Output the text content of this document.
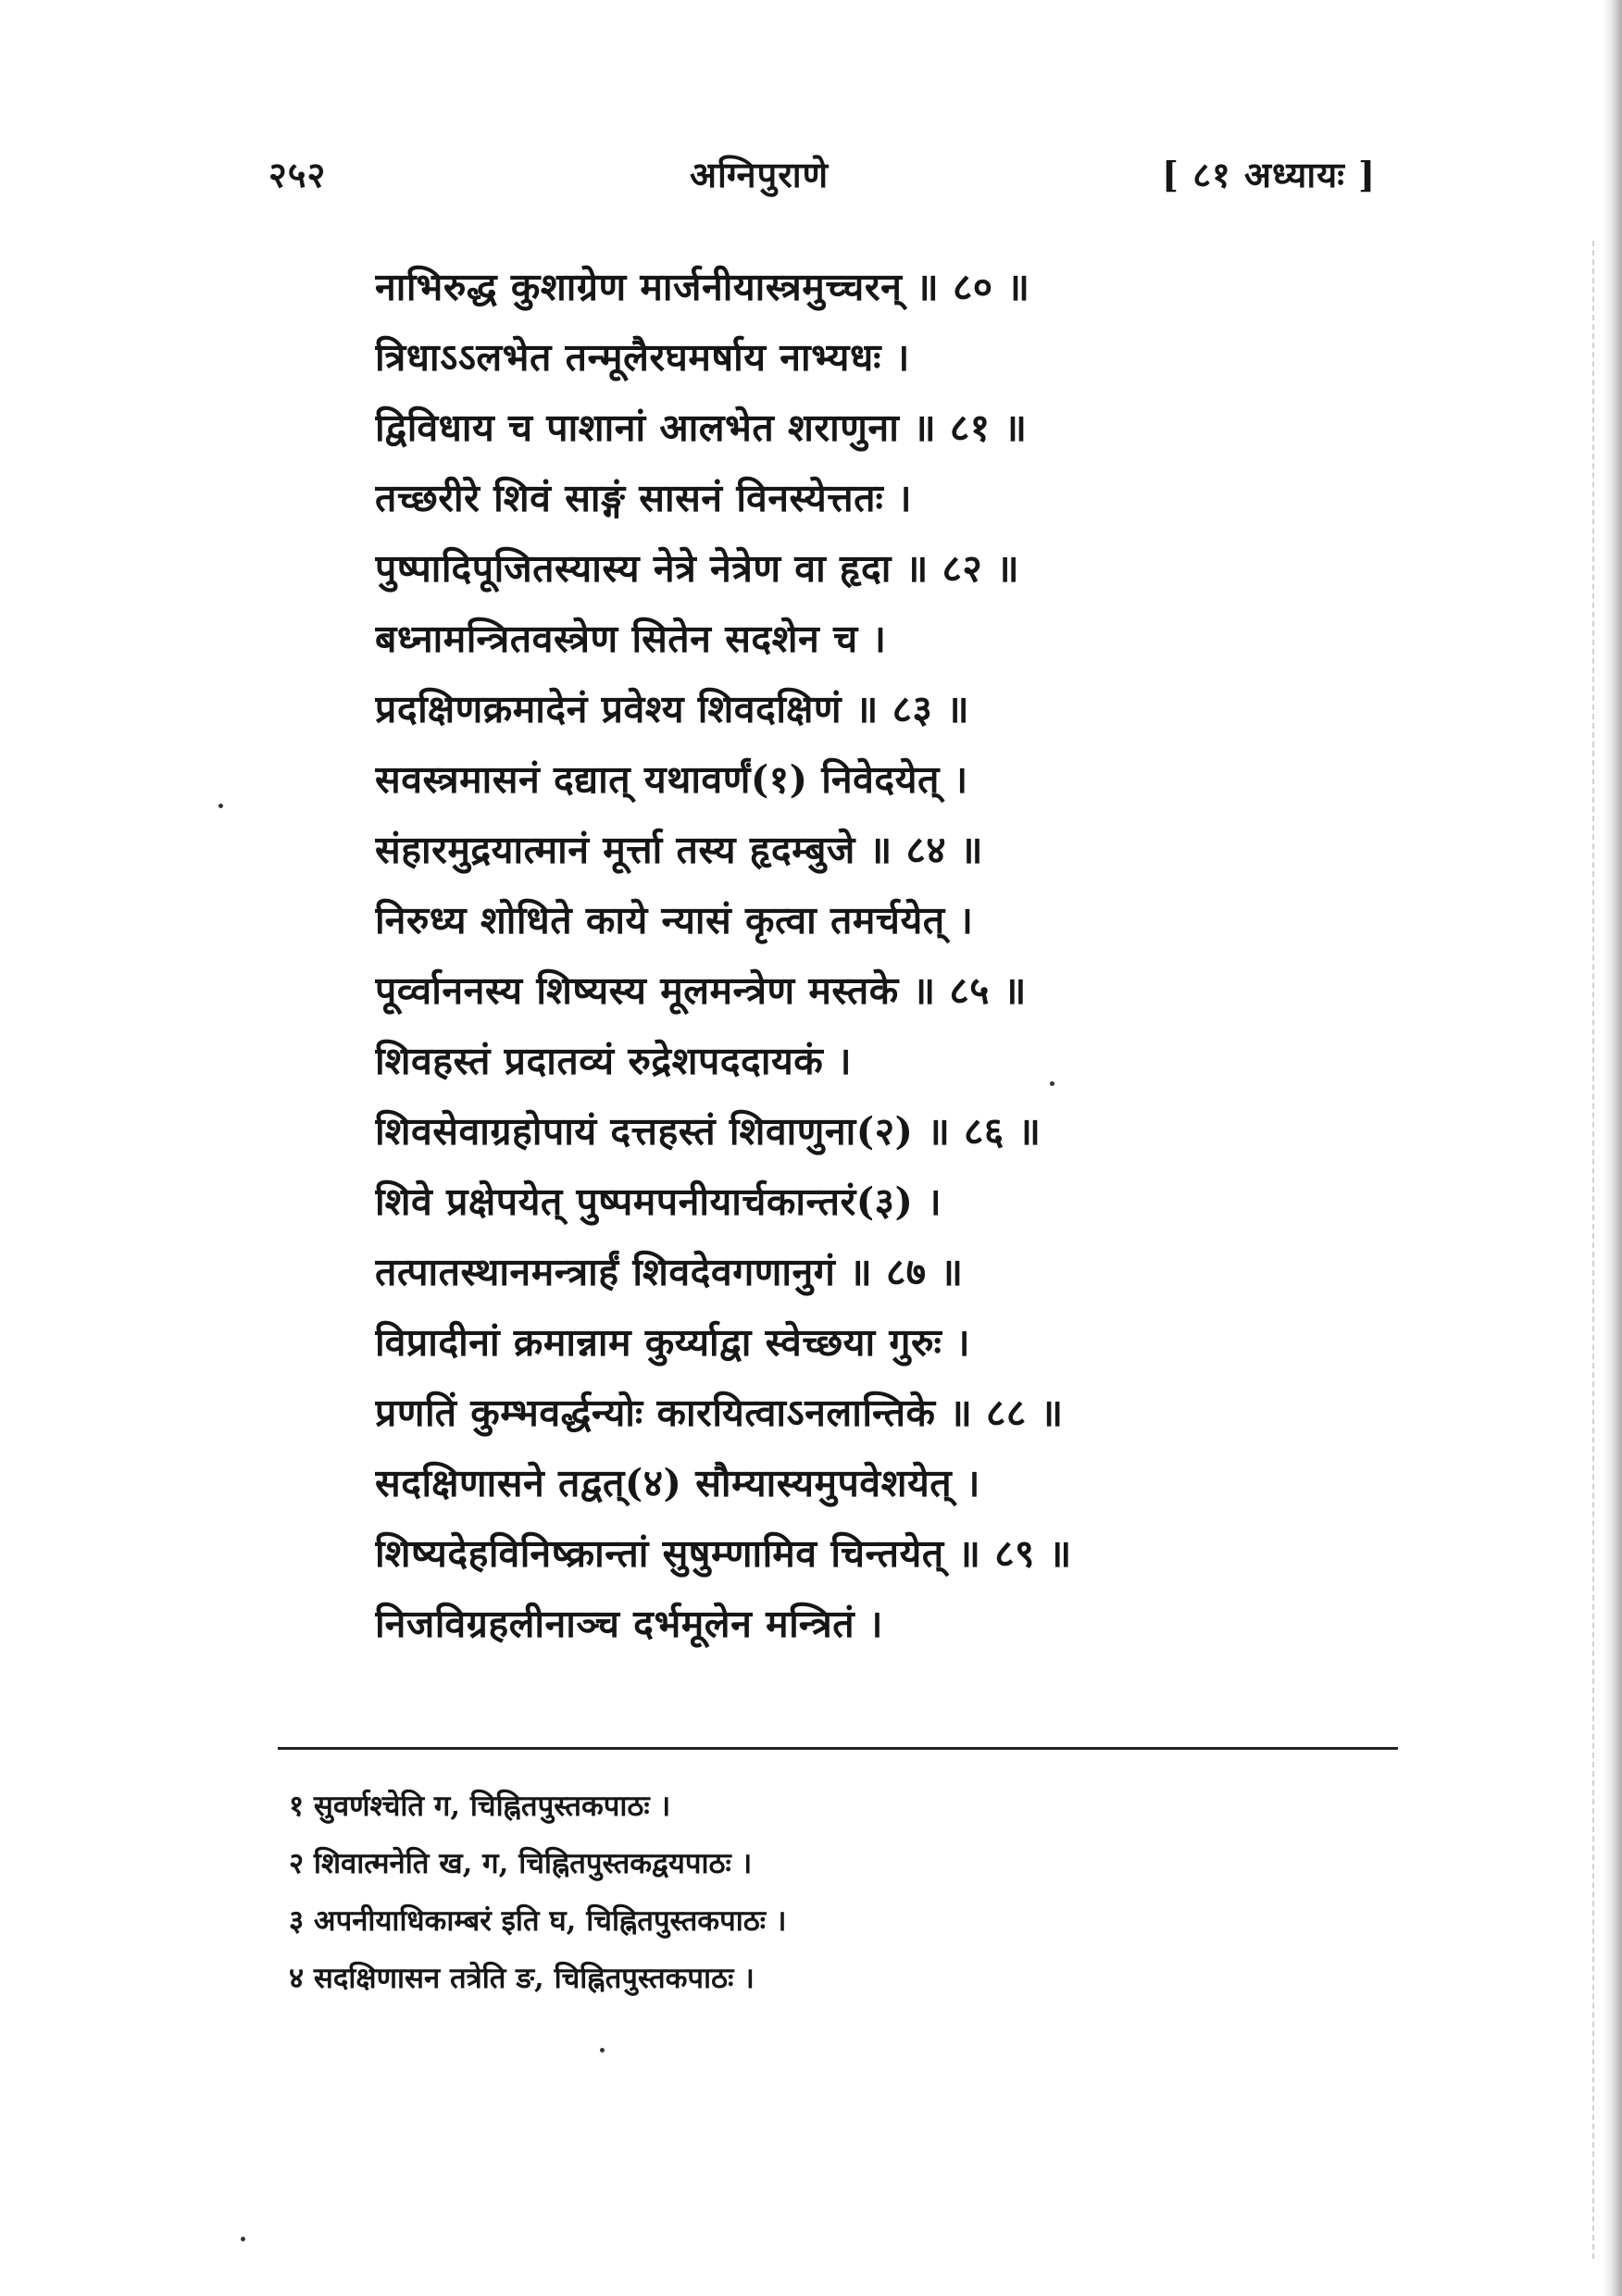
२५२	अग्निपुराणे	[ ८१ अध्यायः ]
नाभिरुद्ध कुशाग्रेण मार्जनीयास्त्रमुच्चरन् ॥ ८० ॥
त्रिधाऽऽलभेत तन्मूलैरघमर्षाय नाभ्यधः ।
द्विविधाय च पाशानां आलभेत शराणुना ॥ ८१ ॥
तच्छरीरे शिवं साङ्गं सासनं विनस्येत्ततः ।
पुष्पादिपूजितस्यास्य नेत्रे नेत्रेण वा हृदा ॥ ८२ ॥
बध्नामन्त्रितवस्त्रेण सितेन सदशेन च ।
प्रदक्षिणक्रमादेनं प्रवेश्य शिवदक्षिणं ॥ ८३ ॥
सवस्त्रमासनं दद्यात् यथावर्णं(१) निवेदयेत् ।
संहारमुद्रयात्मानं मूर्त्ता तस्य हृदम्बुजे ॥ ८४ ॥
निरुध्य शोधिते काये न्यासं कृत्वा तमर्चयेत् ।
पूर्व्वाननस्य शिष्यस्य मूलमन्त्रेण मस्तके ॥ ८५ ॥
शिवहस्तं प्रदातव्यं रुद्रेशपददायकं ।
शिवसेवाग्रहोपायं दत्तहस्तं शिवाणुना(२) ॥ ८६ ॥
शिवे प्रक्षेपयेत् पुष्पमपनीयार्चकान्तरं(३) ।
तत्पातस्थानमन्त्रार्हं शिवदेवगणानुगं ॥ ८७ ॥
विप्रादीनां क्रमान्नाम कुर्य्याद्वा स्वेच्छया गुरुः ।
प्रणतिं कुम्भवर्द्धन्योः कारयित्वाऽनलान्तिके ॥ ८८ ॥
सदक्षिणासने तद्वत्(४) सौम्यास्यमुपवेशयेत् ।
शिष्यदेहविनिष्क्रान्तां सुषुम्णामिव चिन्तयेत् ॥ ८९ ॥
निजविग्रहलीनाञ्च दर्भमूलेन मन्त्रितं ।
१ सुवर्णश्चेति ग, चिह्नितपुस्तकपाठः ।
२ शिवात्मनेति ख, ग, चिह्नितपुस्तकद्वयपाठः ।
३ अपनीयाधिकाम्बरं इति घ, चिह्नितपुस्तकपाठः ।
४ सदक्षिणासन तत्रेति ङ, चिह्नितपुस्तकपाठः ।
